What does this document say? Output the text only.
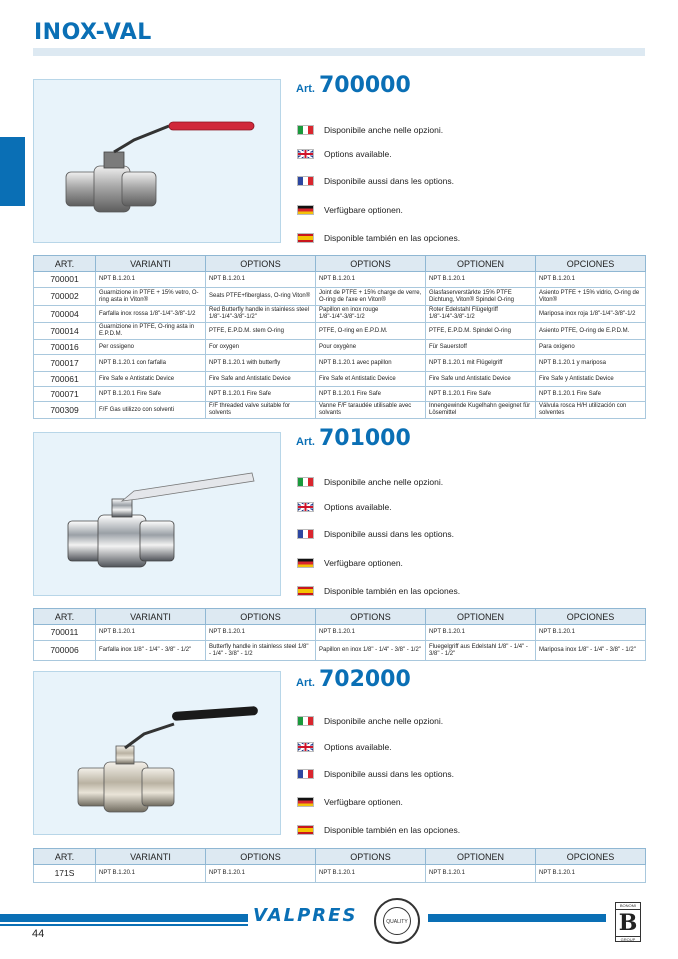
INOX-VAL
Art. 700000
Disponibile anche nelle opzioni.
Options available.
Disponibile aussi dans les options.
Verfügbare optionen.
Disponible también en las opciones.
ART.	VARIANTI	OPTIONS	OPTIONS	OPTIONEN	OPCIONES
700001	NPT B.1.20.1	NPT B.1.20.1	NPT B.1.20.1	NPT B.1.20.1	NPT B.1.20.1
700002	Guarnizione in PTFE + 15% vetro, O-ring asta in Viton®	Seats PTFE+fiberglass, O-ring Viton®	Joint de PTFE + 15% charge de verre, O-ring de l'axe en Viton®	Glasfaserverstärkte 15% PTFE Dichtung, Viton® Spindel O-ring	Asiento PTFE + 15% vidrio, O-ring de Viton®
700004	Farfalla inox rossa 1/8"-1/4"-3/8"-1/2	Red Butterfly handle in stainless steel 1/8"-1/4"-3/8"-1/2"	Papillon en inox rouge 1/8"-1/4"-3/8"-1/2	Roter Edelstahl Flügelgriff 1/8"-1/4"-3/8"-1/2	Mariposa inox roja 1/8"-1/4"-3/8"-1/2
700014	Guarnizione in PTFE, O-ring asta in E.P.D.M.	PTFE, E.P.D.M. stem O-ring	PTFE, O-ring en E.P.D.M.	PTFE, E.P.D.M. Spindel O-ring	Asiento PTFE, O-ring de E.P.D.M.
700016	Per ossigeno	For oxygen	Pour oxygène	Für Sauerstoff	Para oxígeno
700017	NPT B.1.20.1 con farfalla	NPT B.1.20.1 with butterfly	NPT B.1.20.1 avec papillon	NPT B.1.20.1 mit Flügelgriff	NPT B.1.20.1 y mariposa
700061	Fire Safe e Antistatic Device	Fire Safe and Antistatic Device	Fire Safe et Antistatic Device	Fire Safe und Antistatic Device	Fire Safe y Antistatic Device
700071	NPT B.1.20.1 Fire Safe	NPT B.1.20.1 Fire Safe	NPT B.1.20.1 Fire Safe	NPT B.1.20.1 Fire Safe	NPT B.1.20.1 Fire Safe
700309	F/F Gas utilizzo con solventi	F/F threaded valve suitable for solvents	Vanne F/F taraudée utilisable avec solvants	Innengewinde Kugelhahn geeignet für Lösemittel	Válvula rosca H/H utilización con solventes
Art. 701000
Disponibile anche nelle opzioni.
Options available.
Disponibile aussi dans les options.
Verfügbare optionen.
Disponible también en las opciones.
ART.	VARIANTI	OPTIONS	OPTIONS	OPTIONEN	OPCIONES
700011	NPT B.1.20.1	NPT B.1.20.1	NPT B.1.20.1	NPT B.1.20.1	NPT B.1.20.1
700006	Farfalla inox 1/8" - 1/4" - 3/8" - 1/2"	Butterfly handle in stainless steel 1/8" - 1/4" - 3/8" - 1/2	Papillon en inox 1/8" - 1/4" - 3/8" - 1/2"	Fluegelgriff aus Edelstahl 1/8" - 1/4" - 3/8" - 1/2"	Mariposa inox 1/8" - 1/4" - 3/8" - 1/2"
Art. 702000
Disponibile anche nelle opzioni.
Options available.
Disponibile aussi dans les options.
Verfügbare optionen.
Disponible también en las opciones.
ART.	VARIANTI	OPTIONS	OPTIONS	OPTIONEN	OPCIONES
171S	NPT B.1.20.1	NPT B.1.20.1	NPT B.1.20.1	NPT B.1.20.1	NPT B.1.20.1
VALPRES	QUALITY
BONOMI
B
GROUP
44
